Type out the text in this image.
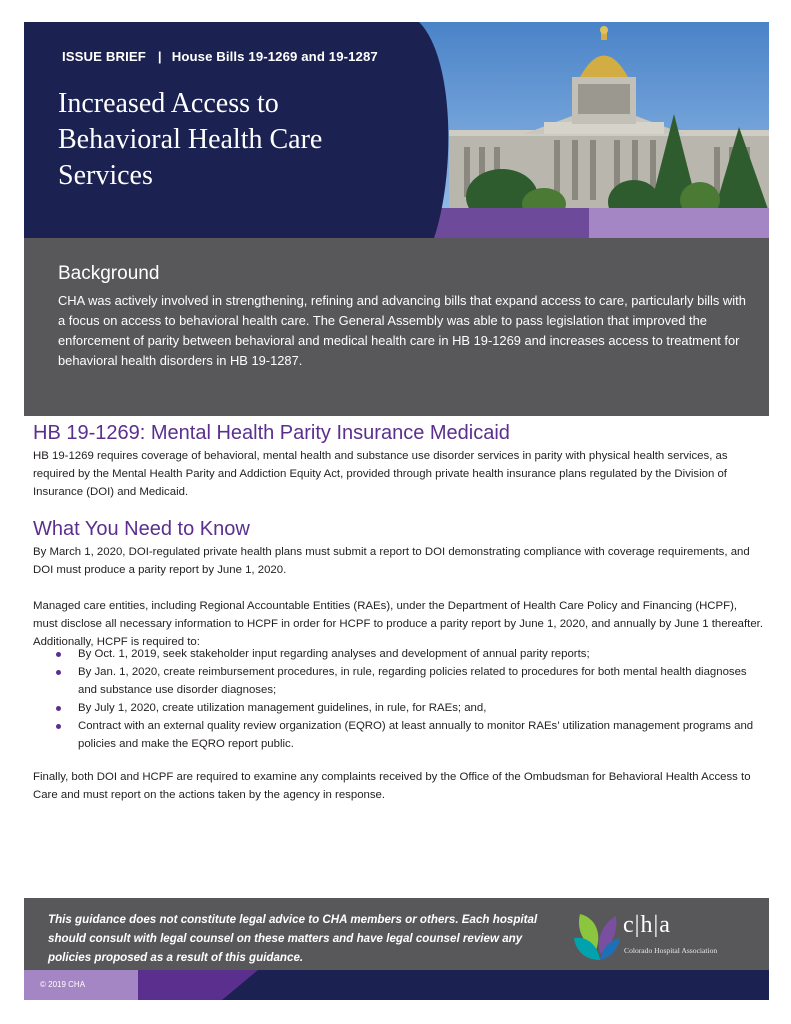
ISSUE BRIEF | House Bills 19-1269 and 19-1287
Increased Access to Behavioral Health Care Services
Background

CHA was actively involved in strengthening, refining and advancing bills that expand access to care, particularly bills with a focus on access to behavioral health care. The General Assembly was able to pass legislation that improved the enforcement of parity between behavioral and medical health care in HB 19-1269 and increases access to treatment for behavioral health disorders in HB 19-1287.

HB 19-1269: Mental Health Parity Insurance Medicaid

HB 19-1269 requires coverage of behavioral, mental health and substance use disorder services in parity with physical health services, as required by the Mental Health Parity and Addiction Equity Act, provided through private health insurance plans regulated by the Division of Insurance (DOI) and Medicaid.

What You Need to Know

By March 1, 2020, DOI-regulated private health plans must submit a report to DOI demonstrating compliance with coverage requirements, and DOI must produce a parity report by June 1, 2020.

Managed care entities, including Regional Accountable Entities (RAEs), under the Department of Health Care Policy and Financing (HCPF), must disclose all necessary information to HCPF in order for HCPF to produce a parity report by June 1, 2020, and annually by June 1 thereafter. Additionally, HCPF is required to:

By Oct. 1, 2019, seek stakeholder input regarding analyses and development of annual parity reports;
By Jan. 1, 2020, create reimbursement procedures, in rule, regarding policies related to procedures for both mental health diagnoses and substance use disorder diagnoses;
By July 1, 2020, create utilization management guidelines, in rule, for RAEs; and,
Contract with an external quality review organization (EQRO) at least annually to monitor RAEs’ utilization management programs and policies and make the EQRO report public.

Finally, both DOI and HCPF are required to examine any complaints received by the Office of the Ombudsman for Behavioral Health Access to Care and must report on the actions taken by the agency in response.

This guidance does not constitute legal advice to CHA members or others. Each hospital should consult with legal counsel on these matters and have legal counsel review any policies proposed as a result of this guidance.

c|h|a
Colorado Hospital Association
© 2019 CHA
